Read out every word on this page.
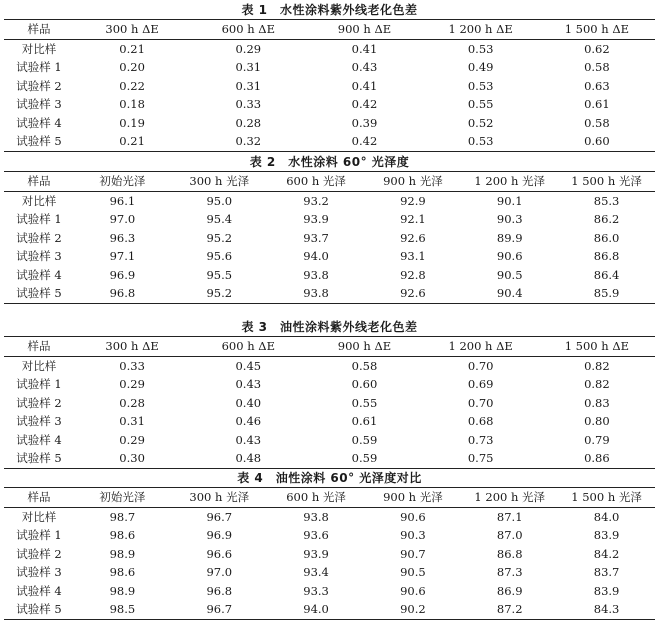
表 1　水性涂料紫外线老化色差
样品	300 h ΔE	600 h ΔE	900 h ΔE	1 200 h ΔE	1 500 h ΔE
对比样	0.21	0.29	0.41	0.53	0.62
试验样 1	0.20	0.31	0.43	0.49	0.58
试验样 2	0.22	0.31	0.41	0.53	0.63
试验样 3	0.18	0.33	0.42	0.55	0.61
试验样 4	0.19	0.28	0.39	0.52	0.58
试验样 5	0.21	0.32	0.42	0.53	0.60
表 2　水性涂料 60° 光泽度
样品	初始光泽	300 h 光泽	600 h 光泽	900 h 光泽	1 200 h 光泽	1 500 h 光泽
对比样	96.1	95.0	93.2	92.9	90.1	85.3
试验样 1	97.0	95.4	93.9	92.1	90.3	86.2
试验样 2	96.3	95.2	93.7	92.6	89.9	86.0
试验样 3	97.1	95.6	94.0	93.1	90.6	86.8
试验样 4	96.9	95.5	93.8	92.8	90.5	86.4
试验样 5	96.8	95.2	93.8	92.6	90.4	85.9
表 3　油性涂料紫外线老化色差
样品	300 h ΔE	600 h ΔE	900 h ΔE	1 200 h ΔE	1 500 h ΔE
对比样	0.33	0.45	0.58	0.70	0.82
试验样 1	0.29	0.43	0.60	0.69	0.82
试验样 2	0.28	0.40	0.55	0.70	0.83
试验样 3	0.31	0.46	0.61	0.68	0.80
试验样 4	0.29	0.43	0.59	0.73	0.79
试验样 5	0.30	0.48	0.59	0.75	0.86
表 4　油性涂料 60° 光泽度对比
样品	初始光泽	300 h 光泽	600 h 光泽	900 h 光泽	1 200 h 光泽	1 500 h 光泽
对比样	98.7	96.7	93.8	90.6	87.1	84.0
试验样 1	98.6	96.9	93.6	90.3	87.0	83.9
试验样 2	98.9	96.6	93.9	90.7	86.8	84.2
试验样 3	98.6	97.0	93.4	90.5	87.3	83.7
试验样 4	98.9	96.8	93.3	90.6	86.9	83.9
试验样 5	98.5	96.7	94.0	90.2	87.2	84.3
